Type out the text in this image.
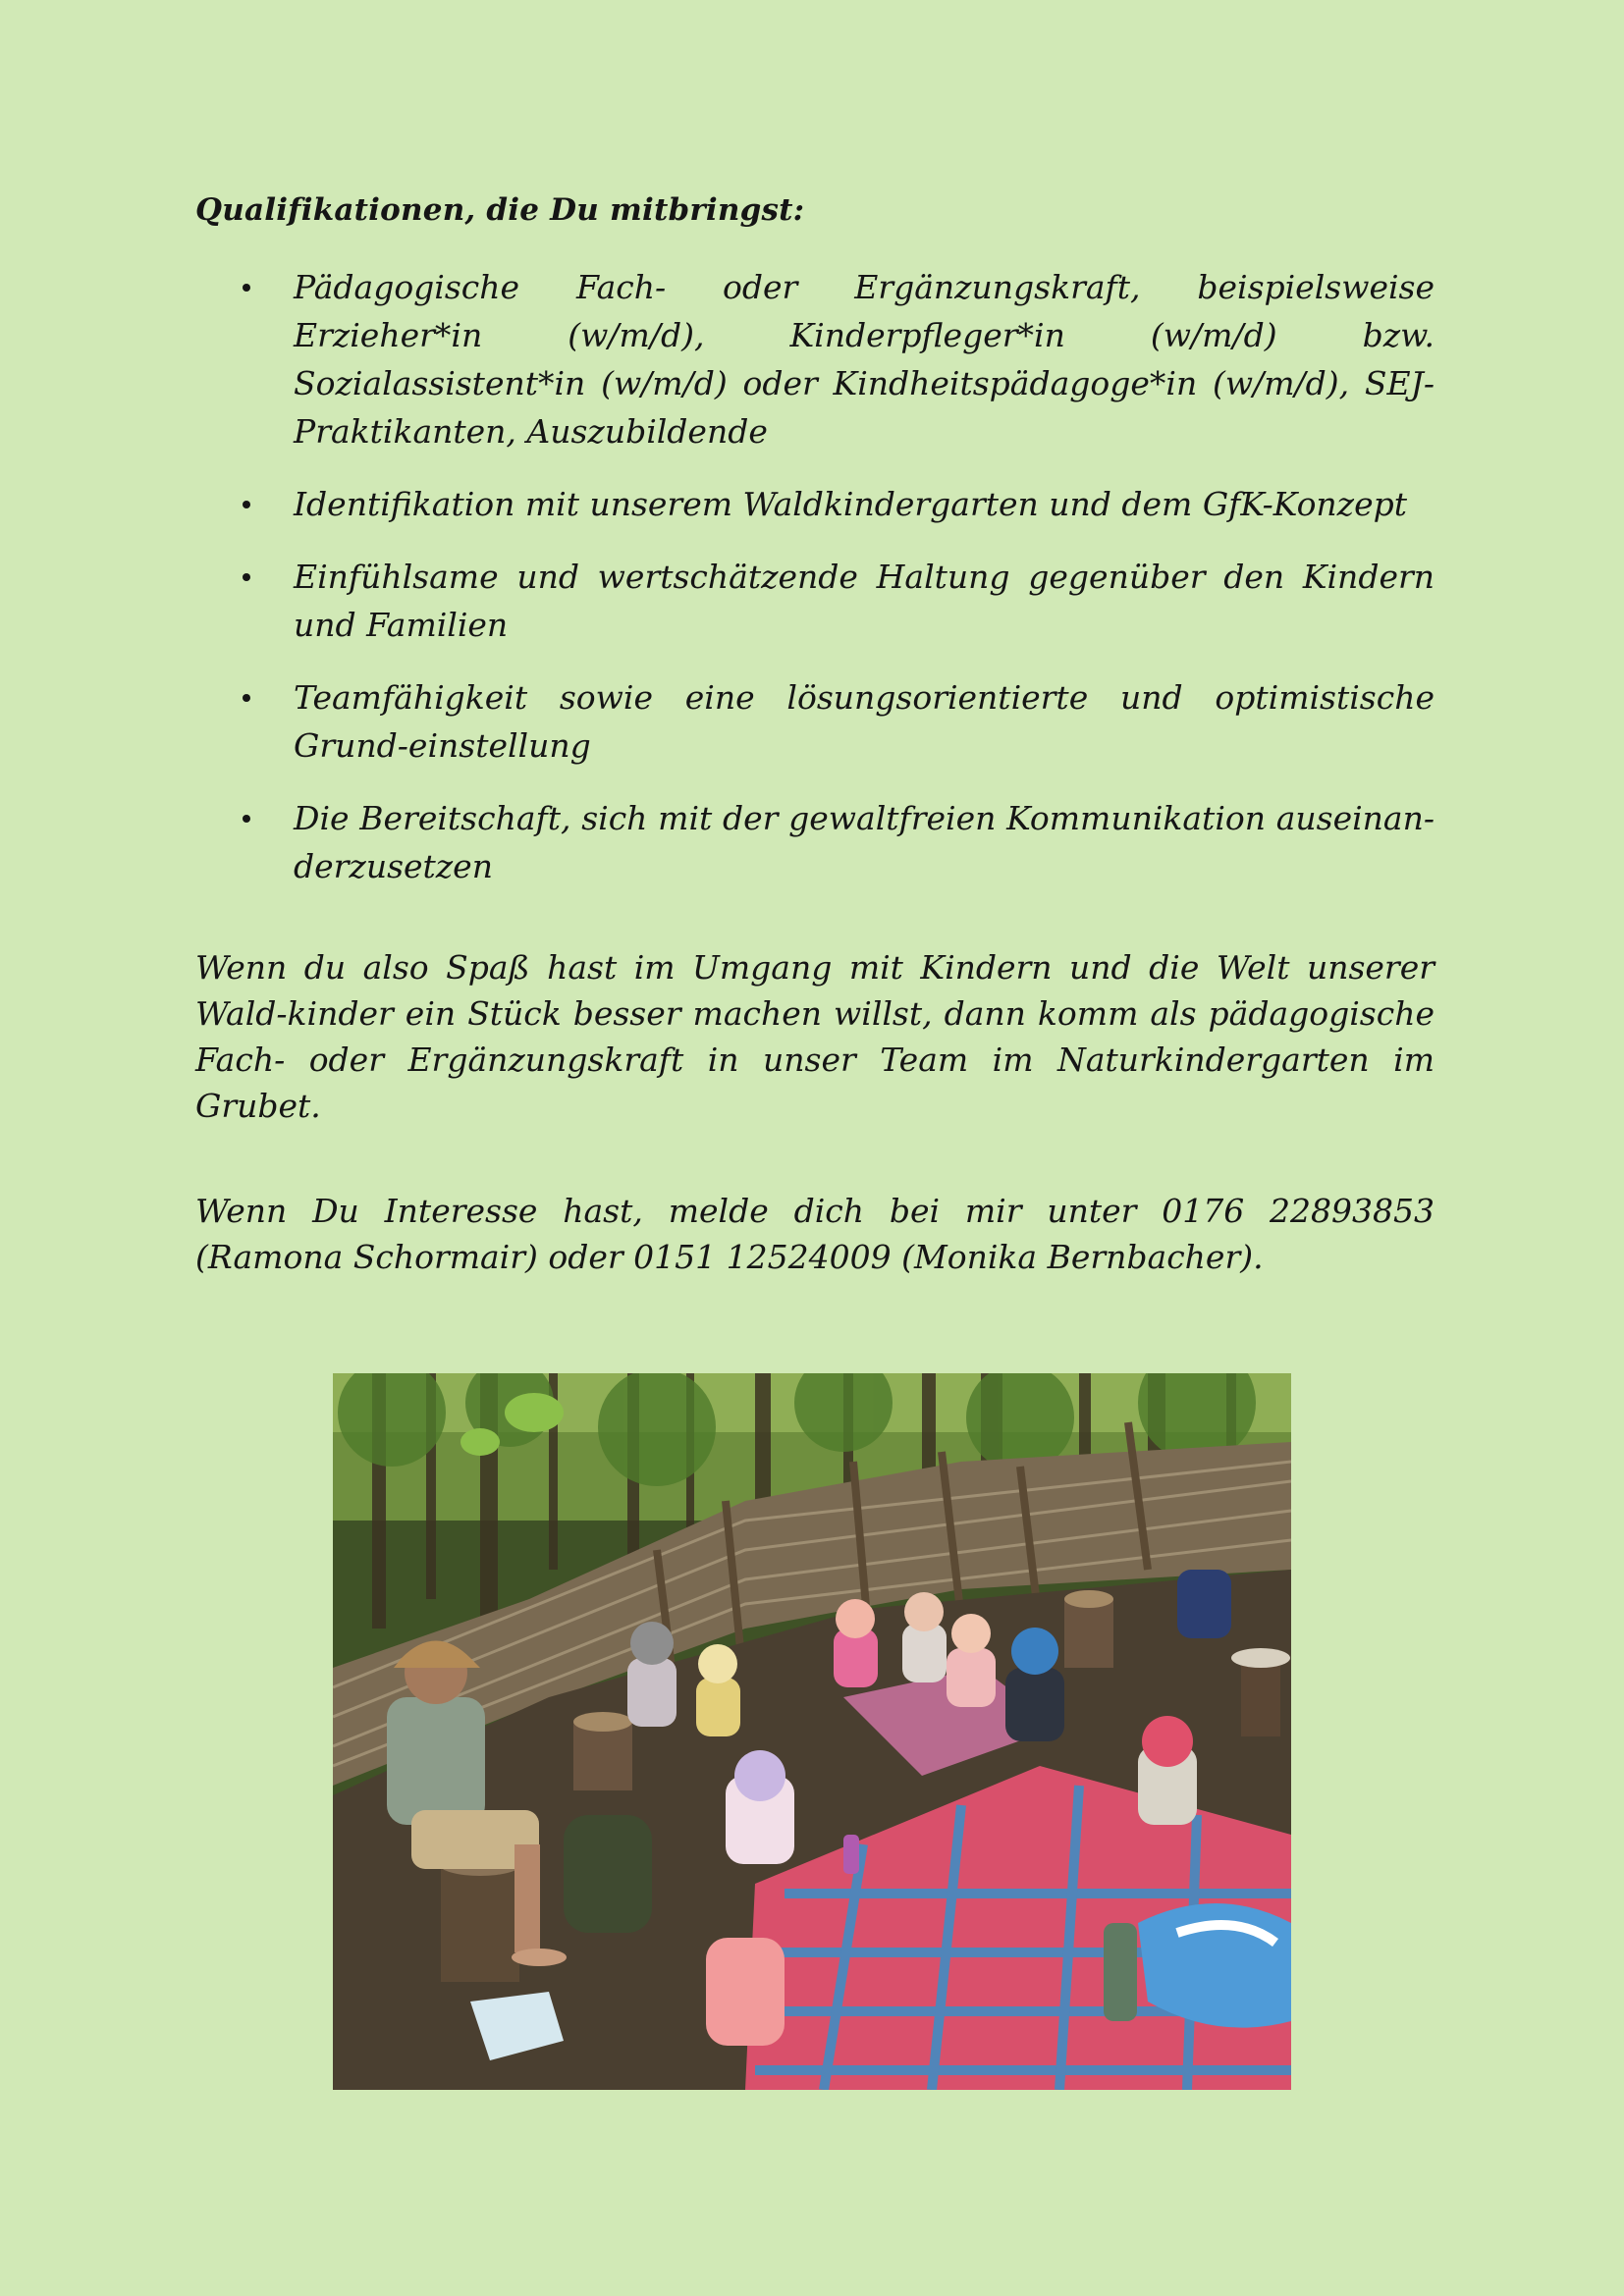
Qualifikationen, die Du mitbringst:
Pädagogische Fach- oder Ergänzungskraft, beispielsweise Erzieher*in (w/m/d), Kinderpfleger*in (w/m/d) bzw. Sozialassistent*in (w/m/d) oder Kindheitspädagoge*in (w/m/d), SEJ-Praktikanten, Auszubildende
Identifikation mit unserem Waldkindergarten und dem GfK-Konzept
Einfühlsame und wertschätzende Haltung gegenüber den Kindern und Familien
Teamfähigkeit sowie eine lösungsorientierte und optimistische Grund-einstellung
Die Bereitschaft, sich mit der gewaltfreien Kommunikation auseinan-derzusetzen

Wenn du also Spaß hast im Umgang mit Kindern und die Welt unserer Wald-kinder ein Stück besser machen willst, dann komm als pädagogische Fach- oder Ergänzungskraft in unser Team im Naturkindergarten im Grubet.

Wenn Du Interesse hast, melde dich bei mir unter 0176 22893853 (Ramona Schormair) oder 0151 12524009 (Monika Bernbacher).
